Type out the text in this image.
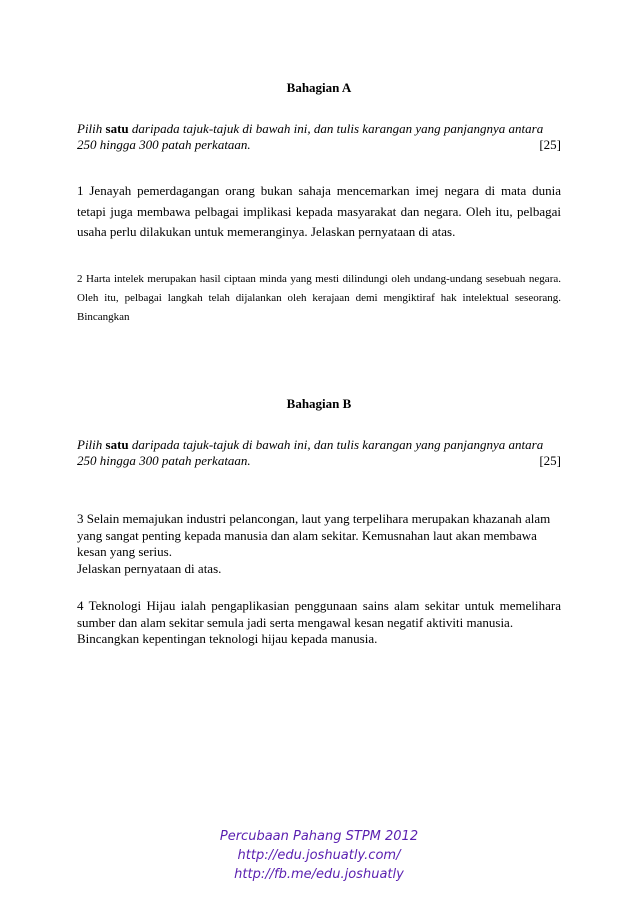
Bahagian A
Pilih satu daripada tajuk-tajuk di bawah ini, dan tulis karangan yang panjangnya antara
250 hingga 300 patah perkataan.	[25]
1 Jenayah pemerdagangan orang bukan sahaja mencemarkan imej negara di mata dunia tetapi juga membawa pelbagai implikasi kepada masyarakat dan negara. Oleh itu, pelbagai usaha perlu dilakukan untuk memeranginya. Jelaskan pernyataan di atas.
2 Harta intelek merupakan hasil ciptaan minda yang mesti dilindungi oleh undang-undang sesebuah negara. Oleh itu, pelbagai langkah telah dijalankan oleh kerajaan demi mengiktiraf hak intelektual seseorang. Bincangkan
Bahagian B
Pilih satu daripada tajuk-tajuk di bawah ini, dan tulis karangan yang panjangnya antara
250 hingga 300 patah perkataan.	[25]

3 Selain memajukan industri pelancongan, laut yang terpelihara merupakan khazanah alam

yang sangat penting kepada manusia dan alam sekitar. Kemusnahan laut akan membawa

kesan yang serius.

Jelaskan pernyataan di atas.

4 Teknologi Hijau ialah pengaplikasian penggunaan sains alam sekitar untuk memelihara sumber dan alam sekitar semula jadi serta mengawal kesan negatif aktiviti manusia.

Bincangkan kepentingan teknologi hijau kepada manusia.

Percubaan Pahang STPM 2012
http://edu.joshuatly.com/
http://fb.me/edu.joshuatly
